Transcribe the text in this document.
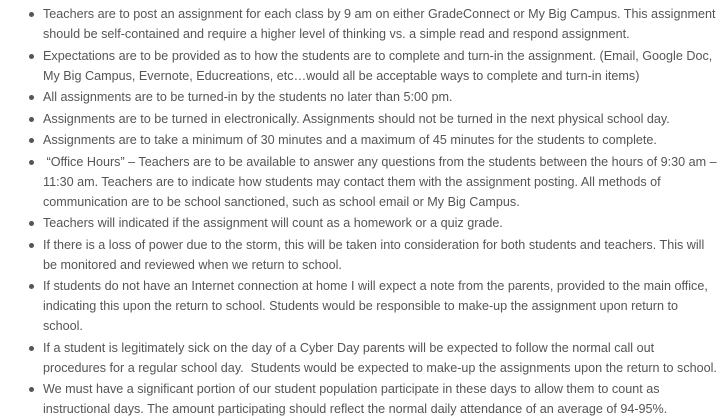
Teachers are to post an assignment for each class by 9 am on either GradeConnect or My Big Campus. This assignment should be self-contained and require a higher level of thinking vs. a simple read and respond assignment.
Expectations are to be provided as to how the students are to complete and turn-in the assignment. (Email, Google Doc, My Big Campus, Evernote, Educreations, etc…would all be acceptable ways to complete and turn-in items)
All assignments are to be turned-in by the students no later than 5:00 pm.
Assignments are to be turned in electronically. Assignments should not be turned in the next physical school day.
Assignments are to take a minimum of 30 minutes and a maximum of 45 minutes for the students to complete.
“Office Hours” – Teachers are to be available to answer any questions from the students between the hours of 9:30 am – 11:30 am. Teachers are to indicate how students may contact them with the assignment posting. All methods of communication are to be school sanctioned, such as school email or My Big Campus.
Teachers will indicated if the assignment will count as a homework or a quiz grade.
If there is a loss of power due to the storm, this will be taken into consideration for both students and teachers. This will be monitored and reviewed when we return to school.
If students do not have an Internet connection at home I will expect a note from the parents, provided to the main office, indicating this upon the return to school. Students would be responsible to make-up the assignment upon return to school.
If a student is legitimately sick on the day of a Cyber Day parents will be expected to follow the normal call out procedures for a regular school day.  Students would be expected to make-up the assignments upon the return to school.
We must have a significant portion of our student population participate in these days to allow them to count as instructional days. The amount participating should reflect the normal daily attendance of an average of 94-95%.
